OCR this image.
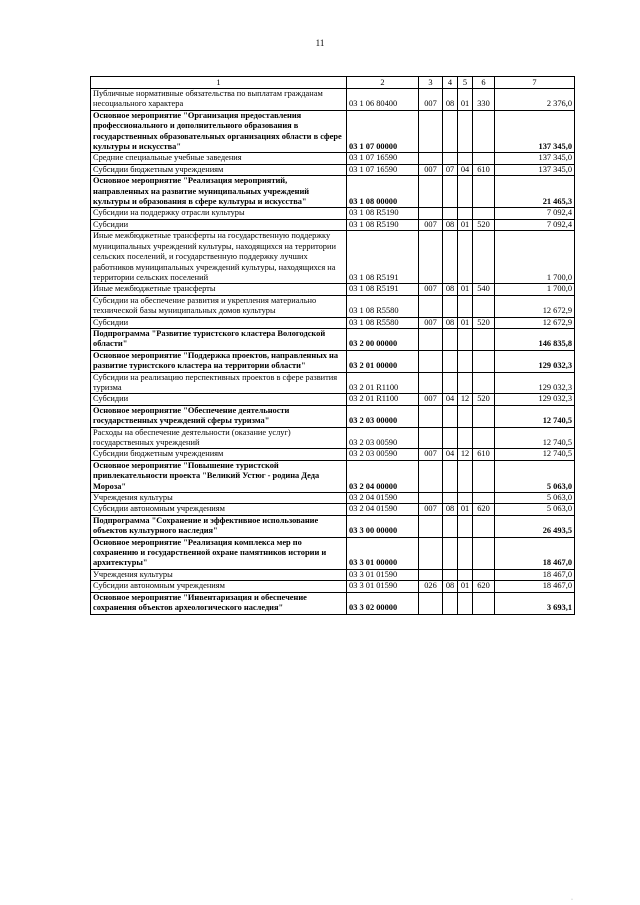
11
1	2	3	4	5	6	7
Публичные нормативные обязательства по выплатам гражданам несоциального характера	03 1 06 80400	007	08	01	330	2 376,0
Основное мероприятие "Организация предоставления профессионального и дополнительного образования в государственных образовательных организациях области в сфере культуры и искусства"	03 1 07 00000					137 345,0
Средние специальные учебные заведения	03 1 07 16590					137 345,0
Субсидии бюджетным учреждениям	03 1 07 16590	007	07	04	610	137 345,0
Основное мероприятие "Реализация мероприятий, направленных на развитие муниципальных учреждений культуры и образования в сфере культуры и искусства"	03 1 08 00000					21 465,3
Субсидии на поддержку отрасли культуры	03 1 08 R5190					7 092,4
Субсидии	03 1 08 R5190	007	08	01	520	7 092,4
Иные межбюджетные трансферты на государственную поддержку муниципальных учреждений культуры, находящихся на территории сельских поселений, и государственную поддержку лучших работников муниципальных учреждений культуры, находящихся на территории сельских поселений	03 1 08 R5191					1 700,0
Иные межбюджетные трансферты	03 1 08 R5191	007	08	01	540	1 700,0
Субсидии на обеспечение развития и укрепления материально технической базы муниципальных домов культуры	03 1 08 R5580					12 672,9
Субсидии	03 1 08 R5580	007	08	01	520	12 672,9
Подпрограмма "Развитие туристского кластера Вологодской области"	03 2 00 00000					146 835,8
Основное мероприятие "Поддержка проектов, направленных на развитие туристского кластера на территории области"	03 2 01 00000					129 032,3
Субсидии на реализацию перспективных проектов в сфере развития туризма	03 2 01 R1100					129 032,3
Субсидии	03 2 01 R1100	007	04	12	520	129 032,3
Основное мероприятие "Обеспечение деятельности государственных учреждений сферы туризма"	03 2 03 00000					12 740,5
Расходы на обеспечение деятельности (оказание услуг) государственных учреждений	03 2 03 00590					12 740,5
Субсидии бюджетным учреждениям	03 2 03 00590	007	04	12	610	12 740,5
Основное мероприятие "Повышение туристской привлекательности проекта "Великий Устюг - родина Деда Мороза"	03 2 04 00000					5 063,0
Учреждения культуры	03 2 04 01590					5 063,0
Субсидии автономным учреждениям	03 2 04 01590	007	08	01	620	5 063,0
Подпрограмма "Сохранение и эффективное использование объектов культурного наследия"	03 3 00 00000					26 493,5
Основное мероприятие "Реализация комплекса мер по сохранению и государственной охране памятников истории и архитектуры"	03 3 01 00000					18 467,0
Учреждения культуры	03 3 01 01590					18 467,0
Субсидии автономным учреждениям	03 3 01 01590	026	08	01	620	18 467,0
Основное мероприятие "Инвентаризация и обеспечение сохранения объектов археологического наследия"	03 3 02 00000					3 693,1
·
